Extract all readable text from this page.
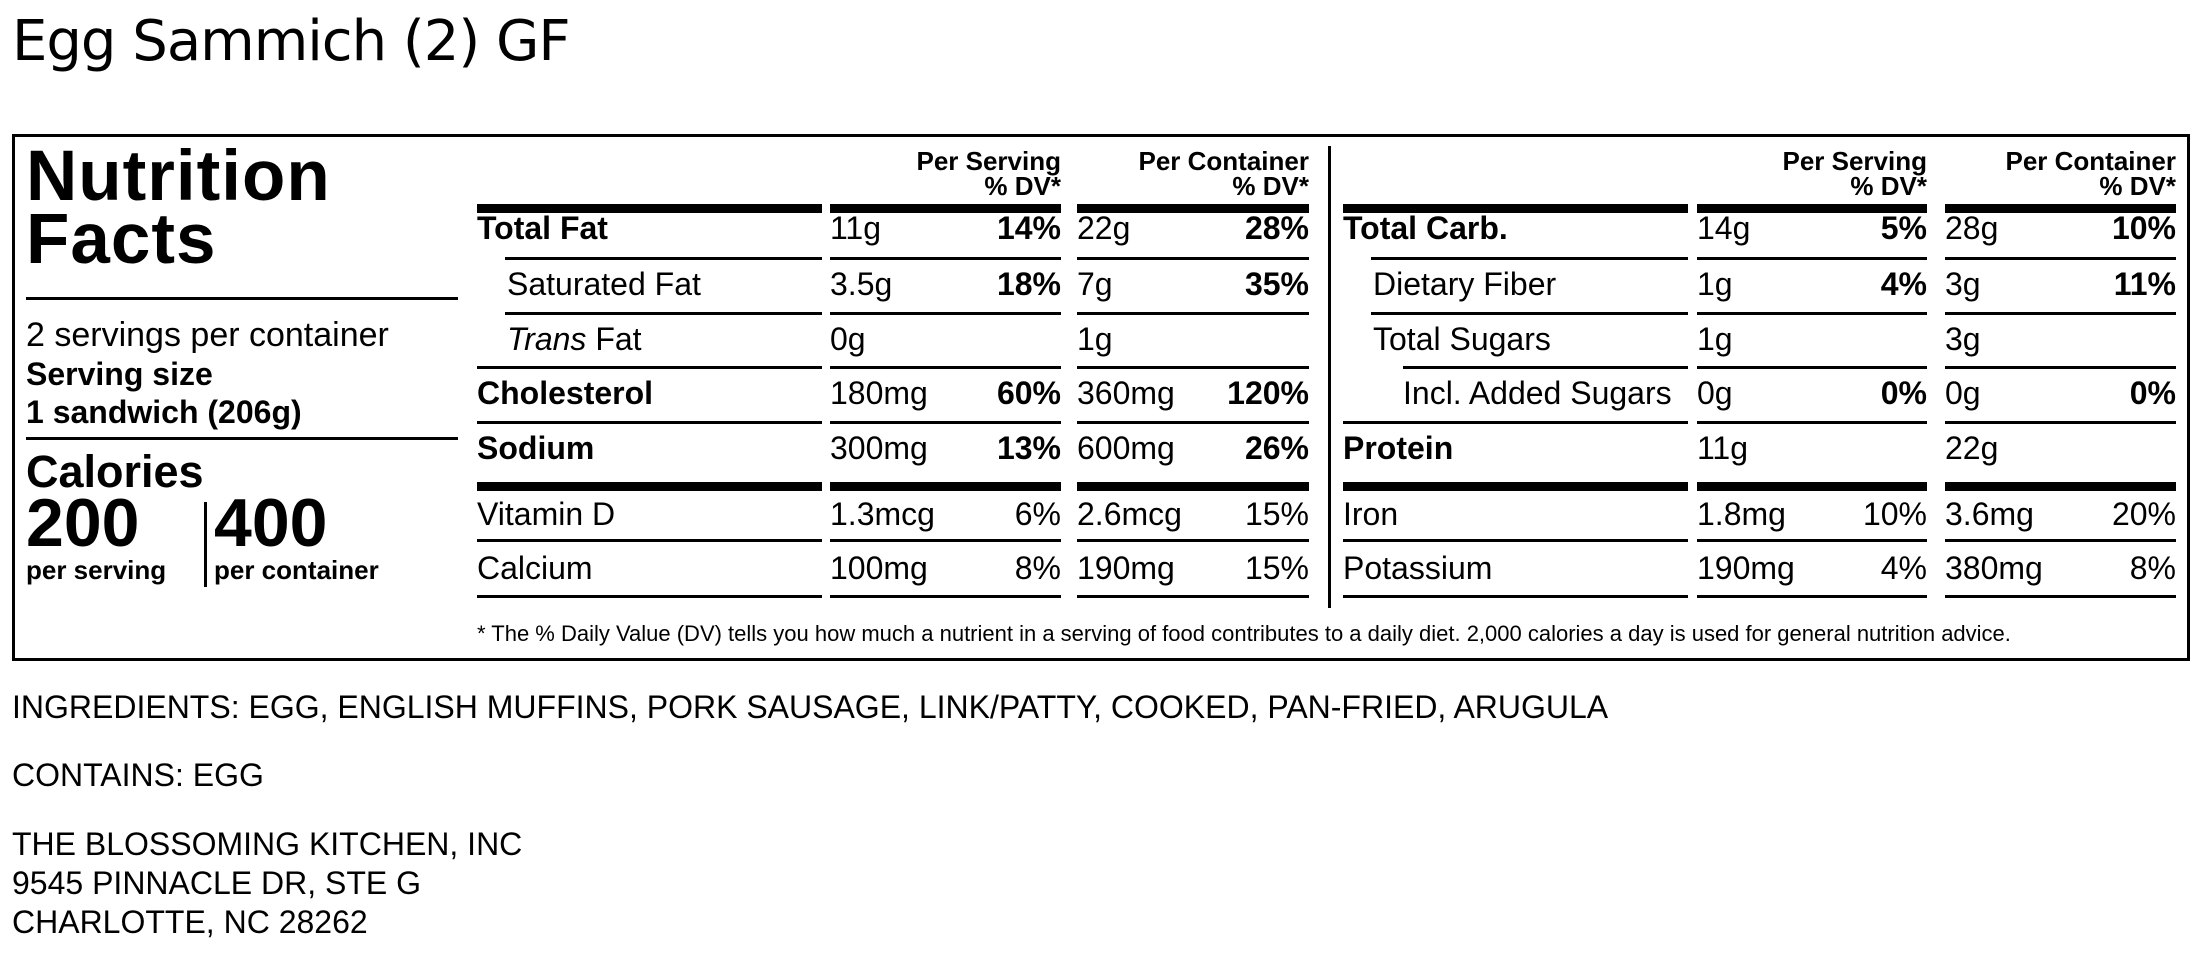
Egg Sammich (2) GF
Nutrition
Facts
2 servings per container
Serving size
1 sandwich (206g)
Calories
200 400
per serving per container
Per Serving
% DV*
Per Container
% DV*
Total Fat	11g	14% 22g	28%
Saturated Fat	3.5g	18% 7g	35%
Trans Fat	0g	1g
Cholesterol	180mg	60% 360mg	120%
Sodium	300mg	13% 600mg	26%
Vitamin D	1.3mcg	6% 2.6mcg	15%
Calcium	100mg	8% 190mg	15%
Per Serving
% DV*
Per Container
% DV*
Total Carb.	14g	5% 28g	10%
Dietary Fiber	1g	4% 3g	11%
Total Sugars	1g	3g
Incl. Added Sugars 0g	0% 0g	0%
Protein	11g	22g
Iron	1.8mg	10% 3.6mg	20%
Potassium	190mg	4% 380mg	8%
* The % Daily Value (DV) tells you how much a nutrient in a serving of food contributes to a daily diet. 2,000 calories a day is used for general nutrition advice.
INGREDIENTS: EGG, ENGLISH MUFFINS, PORK SAUSAGE, LINK/PATTY, COOKED, PAN-FRIED, ARUGULA
CONTAINS: EGG
THE BLOSSOMING KITCHEN, INC
9545 PINNACLE DR, STE G
CHARLOTTE, NC 28262
